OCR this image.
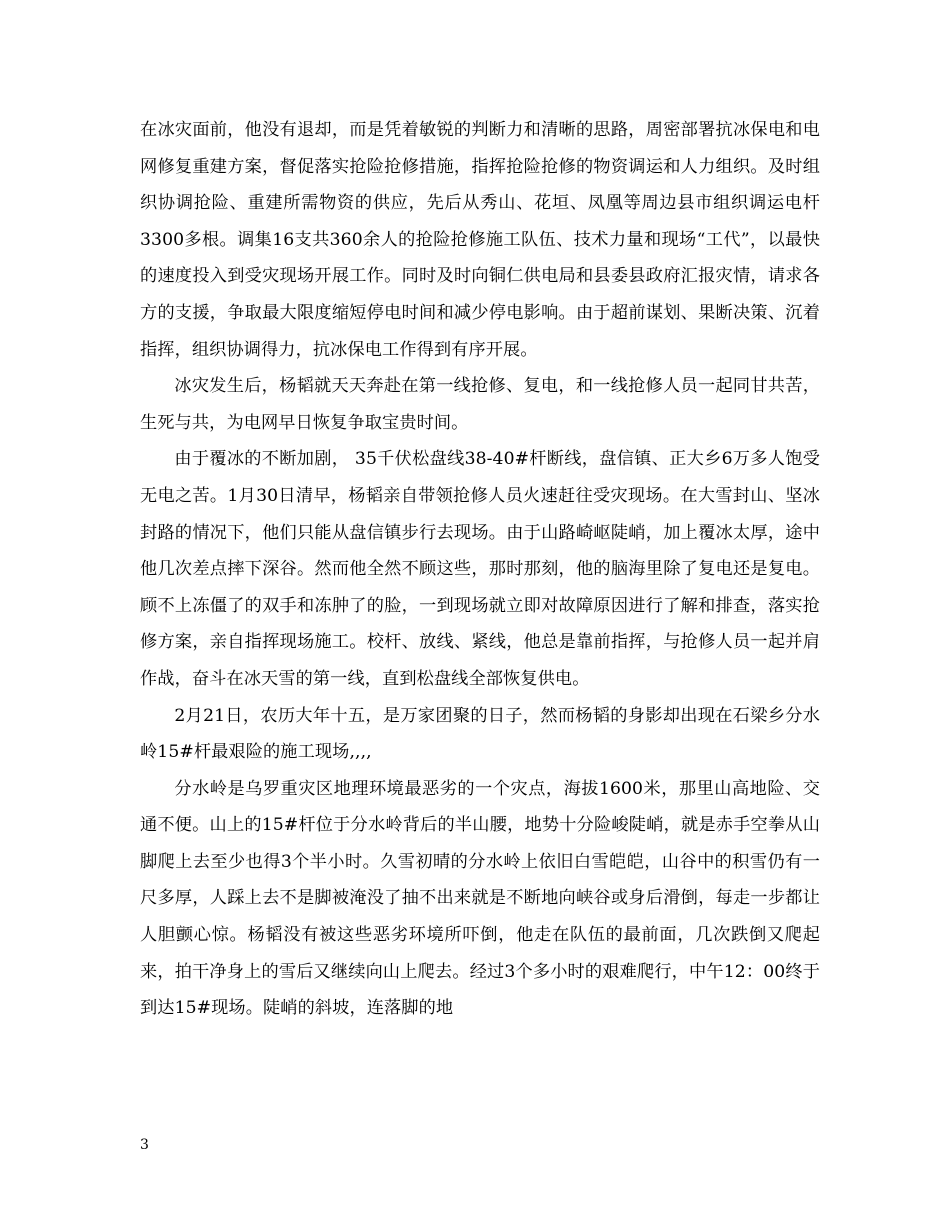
在冰灾面前，他没有退却，而是凭着敏锐的判断力和清晰的思路，周密部署抗冰保电和电网修复重建方案，督促落实抢险抢修措施，指挥抢险抢修的物资调运和人力组织。及时组织协调抢险、重建所需物资的供应，先后从秀山、花垣、凤凰等周边县市组织调运电杆3300多根。调集16支共360余人的抢险抢修施工队伍、技术力量和现场“工代”，以最快的速度投入到受灾现场开展工作。同时及时向铜仁供电局和县委县政府汇报灾情，请求各方的支援，争取最大限度缩短停电时间和减少停电影响。由于超前谋划、果断决策、沉着指挥，组织协调得力，抗冰保电工作得到有序开展。

冰灾发生后，杨韬就天天奔赴在第一线抢修、复电，和一线抢修人员一起同甘共苦，生死与共，为电网早日恢复争取宝贵时间。

由于覆冰的不断加剧， 35千伏松盘线38-40#杆断线，盘信镇、正大乡6万多人饱受无电之苦。1月30日清早，杨韬亲自带领抢修人员火速赶往受灾现场。在大雪封山、坚冰封路的情况下，他们只能从盘信镇步行去现场。由于山路崎岖陡峭，加上覆冰太厚，途中他几次差点摔下深谷。然而他全然不顾这些，那时那刻，他的脑海里除了复电还是复电。顾不上冻僵了的双手和冻肿了的脸，一到现场就立即对故障原因进行了解和排查，落实抢修方案，亲自指挥现场施工。校杆、放线、紧线，他总是靠前指挥，与抢修人员一起并肩作战，奋斗在冰天雪的第一线，直到松盘线全部恢复供电。

2月21日，农历大年十五，是万家团聚的日子，然而杨韬的身影却出现在石梁乡分水岭15#杆最艰险的施工现场,,,,

分水岭是乌罗重灾区地理环境最恶劣的一个灾点，海拔1600米，那里山高地险、交通不便。山上的15#杆位于分水岭背后的半山腰，地势十分险峻陡峭，就是赤手空拳从山脚爬上去至少也得3个半小时。久雪初晴的分水岭上依旧白雪皑皑，山谷中的积雪仍有一尺多厚，人踩上去不是脚被淹没了抽不出来就是不断地向峡谷或身后滑倒，每走一步都让人胆颤心惊。杨韬没有被这些恶劣环境所吓倒，他走在队伍的最前面，几次跌倒又爬起来，拍干净身上的雪后又继续向山上爬去。经过3个多小时的艰难爬行，中午12：00终于到达15#现场。陡峭的斜坡，连落脚的地

3
